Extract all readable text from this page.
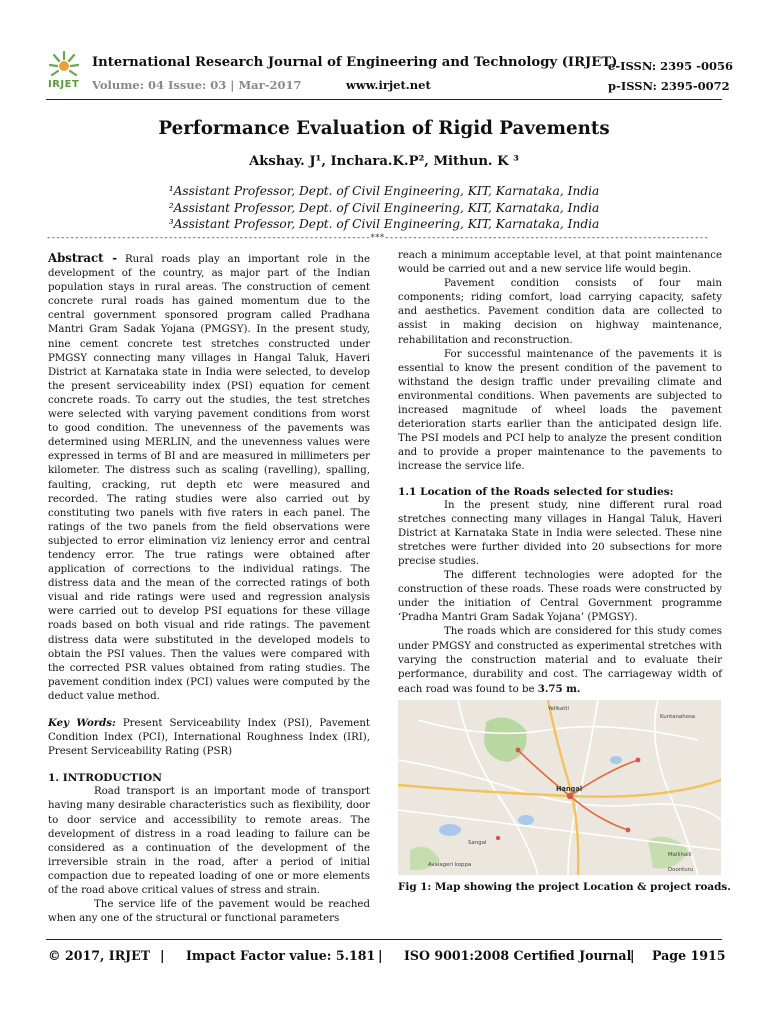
IRJET
International Research Journal of Engineering and Technology (IRJET)
Volume: 04 Issue: 03 | Mar-2017	www.irjet.net
e-ISSN: 2395 -0056
p-ISSN: 2395-0072
Performance Evaluation of Rigid Pavements
Akshay. J¹, Inchara.K.P², Mithun. K ³
¹Assistant Professor, Dept. of Civil Engineering, KIT, Karnataka, India
²Assistant Professor, Dept. of Civil Engineering, KIT, Karnataka, India
³Assistant Professor, Dept. of Civil Engineering, KIT, Karnataka, India
---------------------------------------------------------------------***---------------------------------------------------------------------

Abstract - Rural roads play an important role in the development of the country, as major part of the Indian population stays in rural areas. The construction of cement concrete rural roads has gained momentum due to the central government sponsored program called Pradhana Mantri Gram Sadak Yojana (PMGSY). In the present study, nine cement concrete test stretches constructed under PMGSY connecting many villages in Hangal Taluk, Haveri District at Karnataka state in India were selected, to develop the present serviceability index (PSI) equation for cement concrete roads. To carry out the studies, the test stretches were selected with varying pavement conditions from worst to good condition. The unevenness of the pavements was determined using MERLIN, and the unevenness values were expressed in terms of BI and are measured in millimeters per kilometer. The distress such as scaling (ravelling), spalling, faulting, cracking, rut depth etc were measured and recorded. The rating studies were also carried out by constituting two panels with five raters in each panel. The ratings of the two panels from the field observations were subjected to error elimination viz leniency error and central tendency error. The true ratings were obtained after application of corrections to the individual ratings. The distress data and the mean of the corrected ratings of both visual and ride ratings were used and regression analysis were carried out to develop PSI equations for these village roads based on both visual and ride ratings. The pavement distress data were substituted in the developed models to obtain the PSI values. Then the values were compared with the corrected PSR values obtained from rating studies. The pavement condition index (PCI) values were computed by the deduct value method.

Key Words: Present Serviceability Index (PSI), Pavement Condition Index (PCI), International Roughness Index (IRI), Present Serviceability Rating (PSR)

1. INTRODUCTION

Road transport is an important mode of transport having many desirable characteristics such as flexibility, door to door service and accessibility to remote areas. The development of distress in a road leading to failure can be considered as a continuation of the development of the irreversible strain in the road, after a period of initial compaction due to repeated loading of one or more elements of the road above critical values of stress and strain.

The service life of the pavement would be reached when any one of the structural or functional parameters

reach a minimum acceptable level, at that point maintenance would be carried out and a new service life would begin.

Pavement condition consists of four main components; riding comfort, load carrying capacity, safety and aesthetics. Pavement condition data are collected to assist in making decision on highway maintenance, rehabilitation and reconstruction.

For successful maintenance of the pavements it is essential to know the present condition of the pavement to withstand the design traffic under prevailing climate and environmental conditions. When pavements are subjected to increased magnitude of wheel loads the pavement deterioration starts earlier than the anticipated design life. The PSI models and PCI help to analyze the present condition and to provide a proper maintenance to the pavements to increase the service life.

1.1 Location of the Roads selected for studies:

In the present study, nine different rural road stretches connecting many villages in Hangal Taluk, Haveri District at Karnataka State in India were selected. These nine stretches were further divided into 20 subsections for more precise studies.

The different technologies were adopted for the construction of these roads. These roads were constructed by under the initiation of Central Government programme ‘Pradha Mantri Gram Sadak Yojana’ (PMGSY).

The roads which are considered for this study comes under PMGSY and constructed as experimental stretches with varying the construction material and to evaluate their performance, durability and cost. The carriageway width of each road was found to be 3.75 m.

Yellkatti
Hangal
Sangal
Avalageri koppa
Mallihalli
Doonturu
Kuntanahosa
Fig 1: Map showing the project Location & project roads.
© 2017, IRJET | Impact Factor value: 5.181 | ISO 9001:2008 Certified Journal
| Page 1915
